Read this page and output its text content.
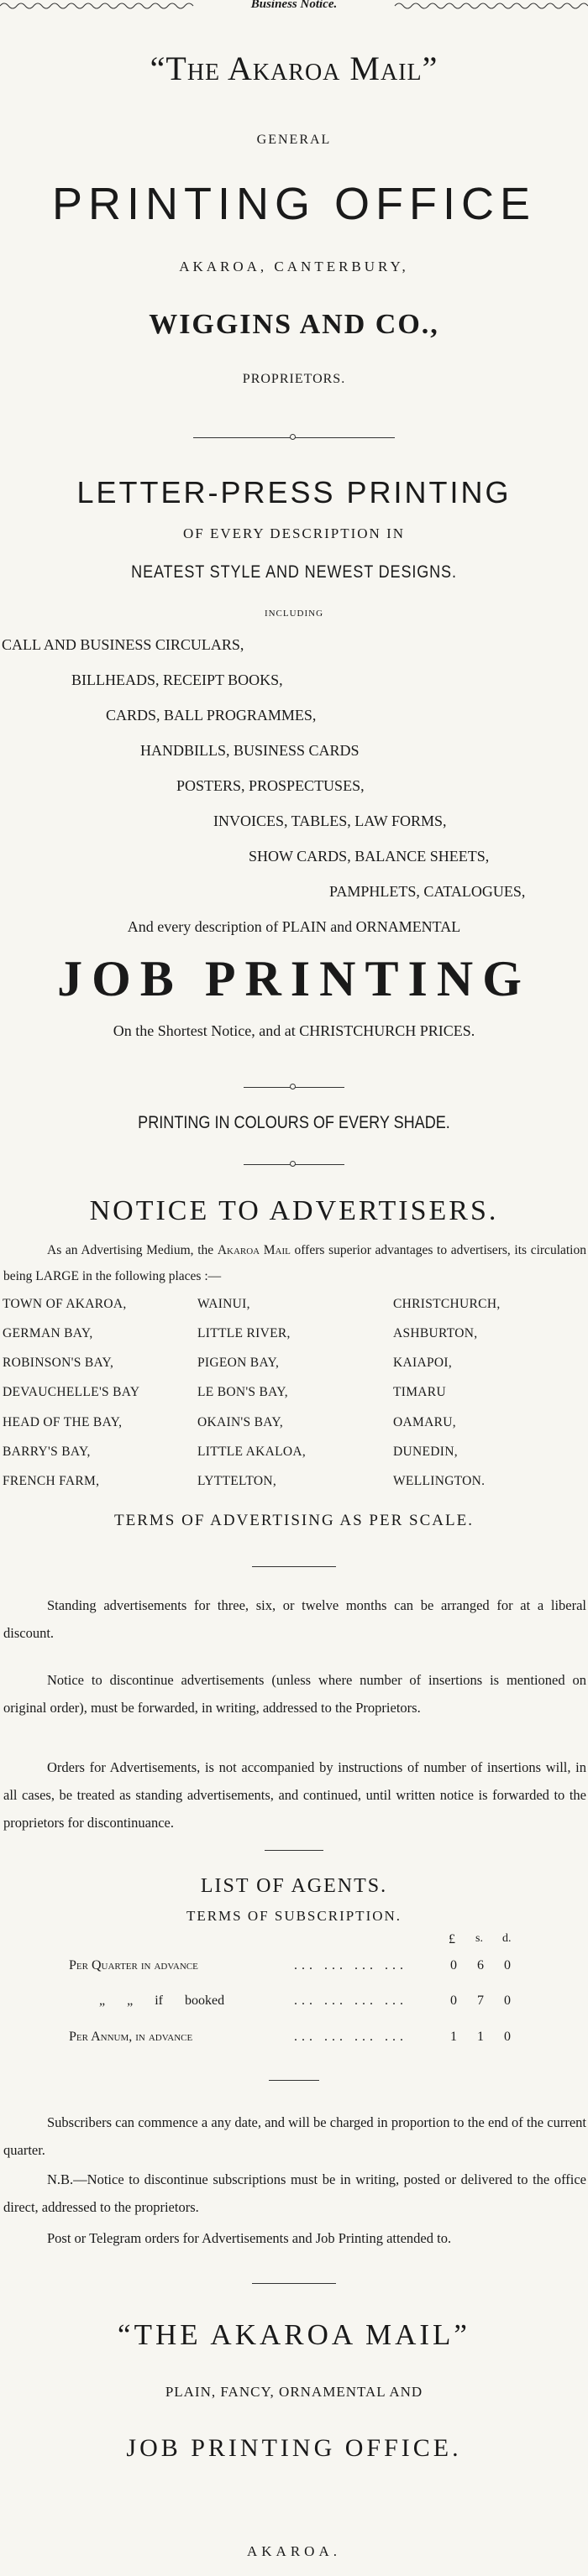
Business Notice.
“The Akaroa Mail”
GENERAL
PRINTING OFFICE
AKAROA, CANTERBURY,
WIGGINS AND CO.,
PROPRIETORS.
LETTER-PRESS PRINTING
OF EVERY DESCRIPTION IN
NEATEST STYLE AND NEWEST DESIGNS.
INCLUDING
CALL AND BUSINESS CIRCULARS,
BILLHEADS, RECEIPT BOOKS,
CARDS, BALL PROGRAMMES,
HANDBILLS, BUSINESS CARDS
POSTERS, PROSPECTUSES,
INVOICES, TABLES, LAW FORMS,
SHOW CARDS, BALANCE SHEETS,
PAMPHLETS, CATALOGUES,
And every description of PLAIN and ORNAMENTAL
JOB PRINTING
On the Shortest Notice, and at CHRISTCHURCH PRICES.
PRINTING IN COLOURS OF EVERY SHADE.
NOTICE TO ADVERTISERS.
As an Advertising Medium, the Akaroa Mail offers superior advantages to advertisers, its circulation being LARGE in the following places :—
TOWN OF AKAROA,	WAINUI,	CHRISTCHURCH,
GERMAN BAY,	LITTLE RIVER,	ASHBURTON,
ROBINSON'S BAY,	PIGEON BAY,	KAIAPOI,
DEVAUCHELLE'S BAY	LE BON'S BAY,	TIMARU
HEAD OF THE BAY,	OKAIN'S BAY,	OAMARU,
BARRY'S BAY,	LITTLE AKALOA,	DUNEDIN,
FRENCH FARM,	LYTTELTON,	WELLINGTON.
TERMS OF ADVERTISING AS PER SCALE.
Standing advertisements for three, six, or twelve months can be arranged for at a liberal discount.
Notice to discontinue advertisements (unless where number of insertions is mentioned on original order), must be forwarded, in writing, addressed to the Proprietors.
Orders for Advertisements, is not accompanied by instructions of number of insertions will, in all cases, be treated as standing advertisements, and continued, until written notice is forwarded to the proprietors for discontinuance.
LIST OF AGENTS.
TERMS OF SUBSCRIPTION.
£ s. d.
Per Quarter in advance	... ... ... ...	0 6 0
„ „ if booked	... ... ... ...	0 7 0
Per Annum, in advance	... ... ... ...	1 1 0
Subscribers can commence a any date, and will be charged in proportion to the end of the current quarter.
N.B.—Notice to discontinue subscriptions must be in writing, posted or delivered to the office direct, addressed to the proprietors.
Post or Telegram orders for Advertisements and Job Printing attended to.
“THE AKAROA MAIL”
PLAIN, FANCY, ORNAMENTAL AND
JOB PRINTING OFFICE.
AKAROA.
